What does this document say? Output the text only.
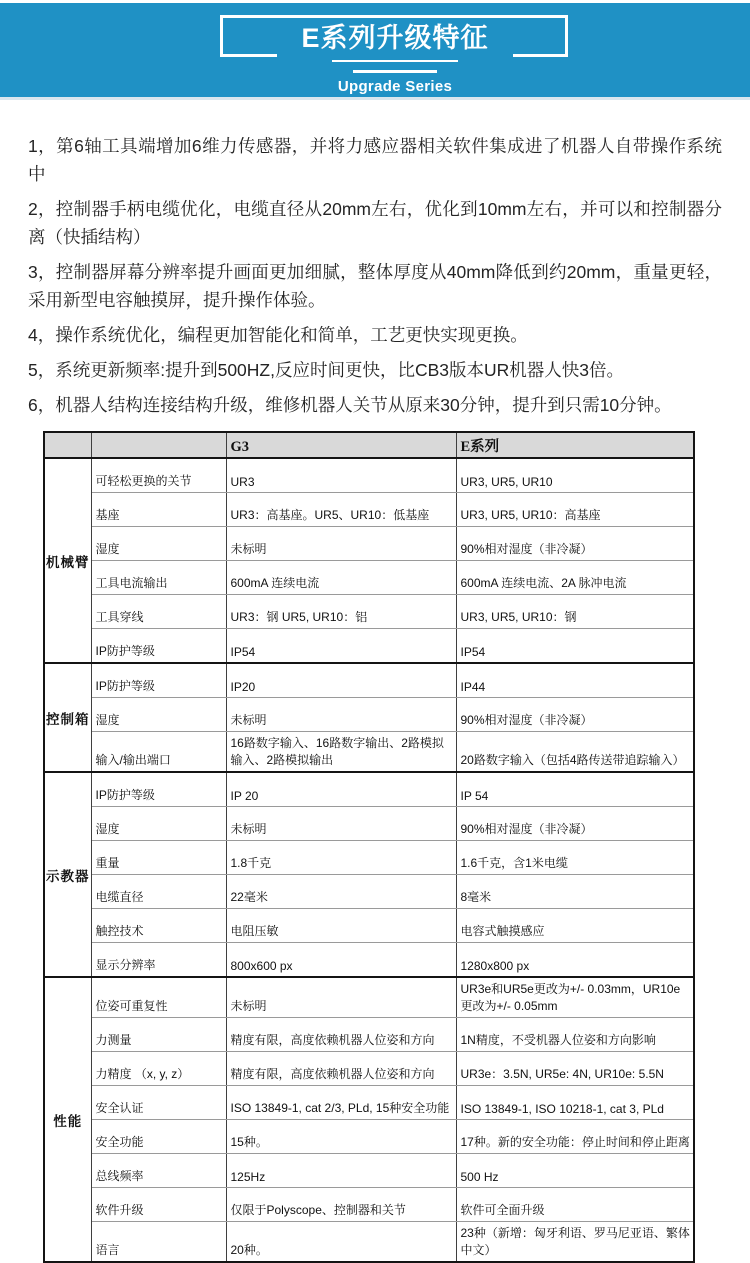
E系列升级特征
Upgrade Series

1，第6轴工具端增加6维力传感器，并将力感应器相关软件集成进了机器人自带操作系统中

2，控制器手柄电缆优化，电缆直径从20mm左右，优化到10mm左右，并可以和控制器分离（快插结构）

3，控制器屏幕分辨率提升画面更加细腻，整体厚度从40mm降低到约20mm，重量更轻，采用新型电容触摸屏，提升操作体验。

4，操作系统优化，编程更加智能化和简单，工艺更快实现更换。

5，系统更新频率:提升到500HZ,反应时间更快，比CB3版本UR机器人快3倍。

6，机器人结构连接结构升级，维修机器人关节从原来30分钟，提升到只需10分钟。

		G3	E系列
机械臂	可轻松更换的关节	UR3	UR3, UR5, UR10
	基座	UR3：高基座。UR5、UR10：低基座	UR3, UR5, UR10：高基座
	湿度	未标明	90%相对湿度（非冷凝）
	工具电流输出	600mA 连续电流	600mA 连续电流、2A 脉冲电流
	工具穿线	UR3：钢 UR5, UR10：铝	UR3, UR5, UR10：钢
	IP防护等级	IP54	IP54
控制箱	IP防护等级	IP20	IP44
	湿度	未标明	90%相对湿度（非冷凝）
	输入/输出端口	16路数字输入、16路数字输出、2路模拟输入、2路模拟输出	20路数字输入（包括4路传送带追踪输入）
示教器	IP防护等级	IP 20	IP 54
	湿度	未标明	90%相对湿度（非冷凝）
	重量	1.8千克	1.6千克，含1米电缆
	电缆直径	22毫米	8毫米
	触控技术	电阻压敏	电容式触摸感应
	显示分辨率	800x600 px	1280x800 px
性能	位姿可重复性	未标明	UR3e和UR5e更改为+/- 0.03mm，UR10e更改为+/- 0.05mm
	力测量	精度有限，高度依赖机器人位姿和方向	1N精度，不受机器人位姿和方向影响
	力精度 （x, y, z）	精度有限，高度依赖机器人位姿和方向	UR3e：3.5N, UR5e: 4N, UR10e: 5.5N
	安全认证	ISO 13849-1, cat 2/3, PLd, 15种安全功能	ISO 13849-1, ISO 10218-1, cat 3, PLd
	安全功能	15种。	17种。新的安全功能：停止时间和停止距离
	总线频率	125Hz	500 Hz
	软件升级	仅限于Polyscope、控制器和关节	软件可全面升级
	语言	20种。	23种（新增：匈牙利语、罗马尼亚语、繁体中文）
